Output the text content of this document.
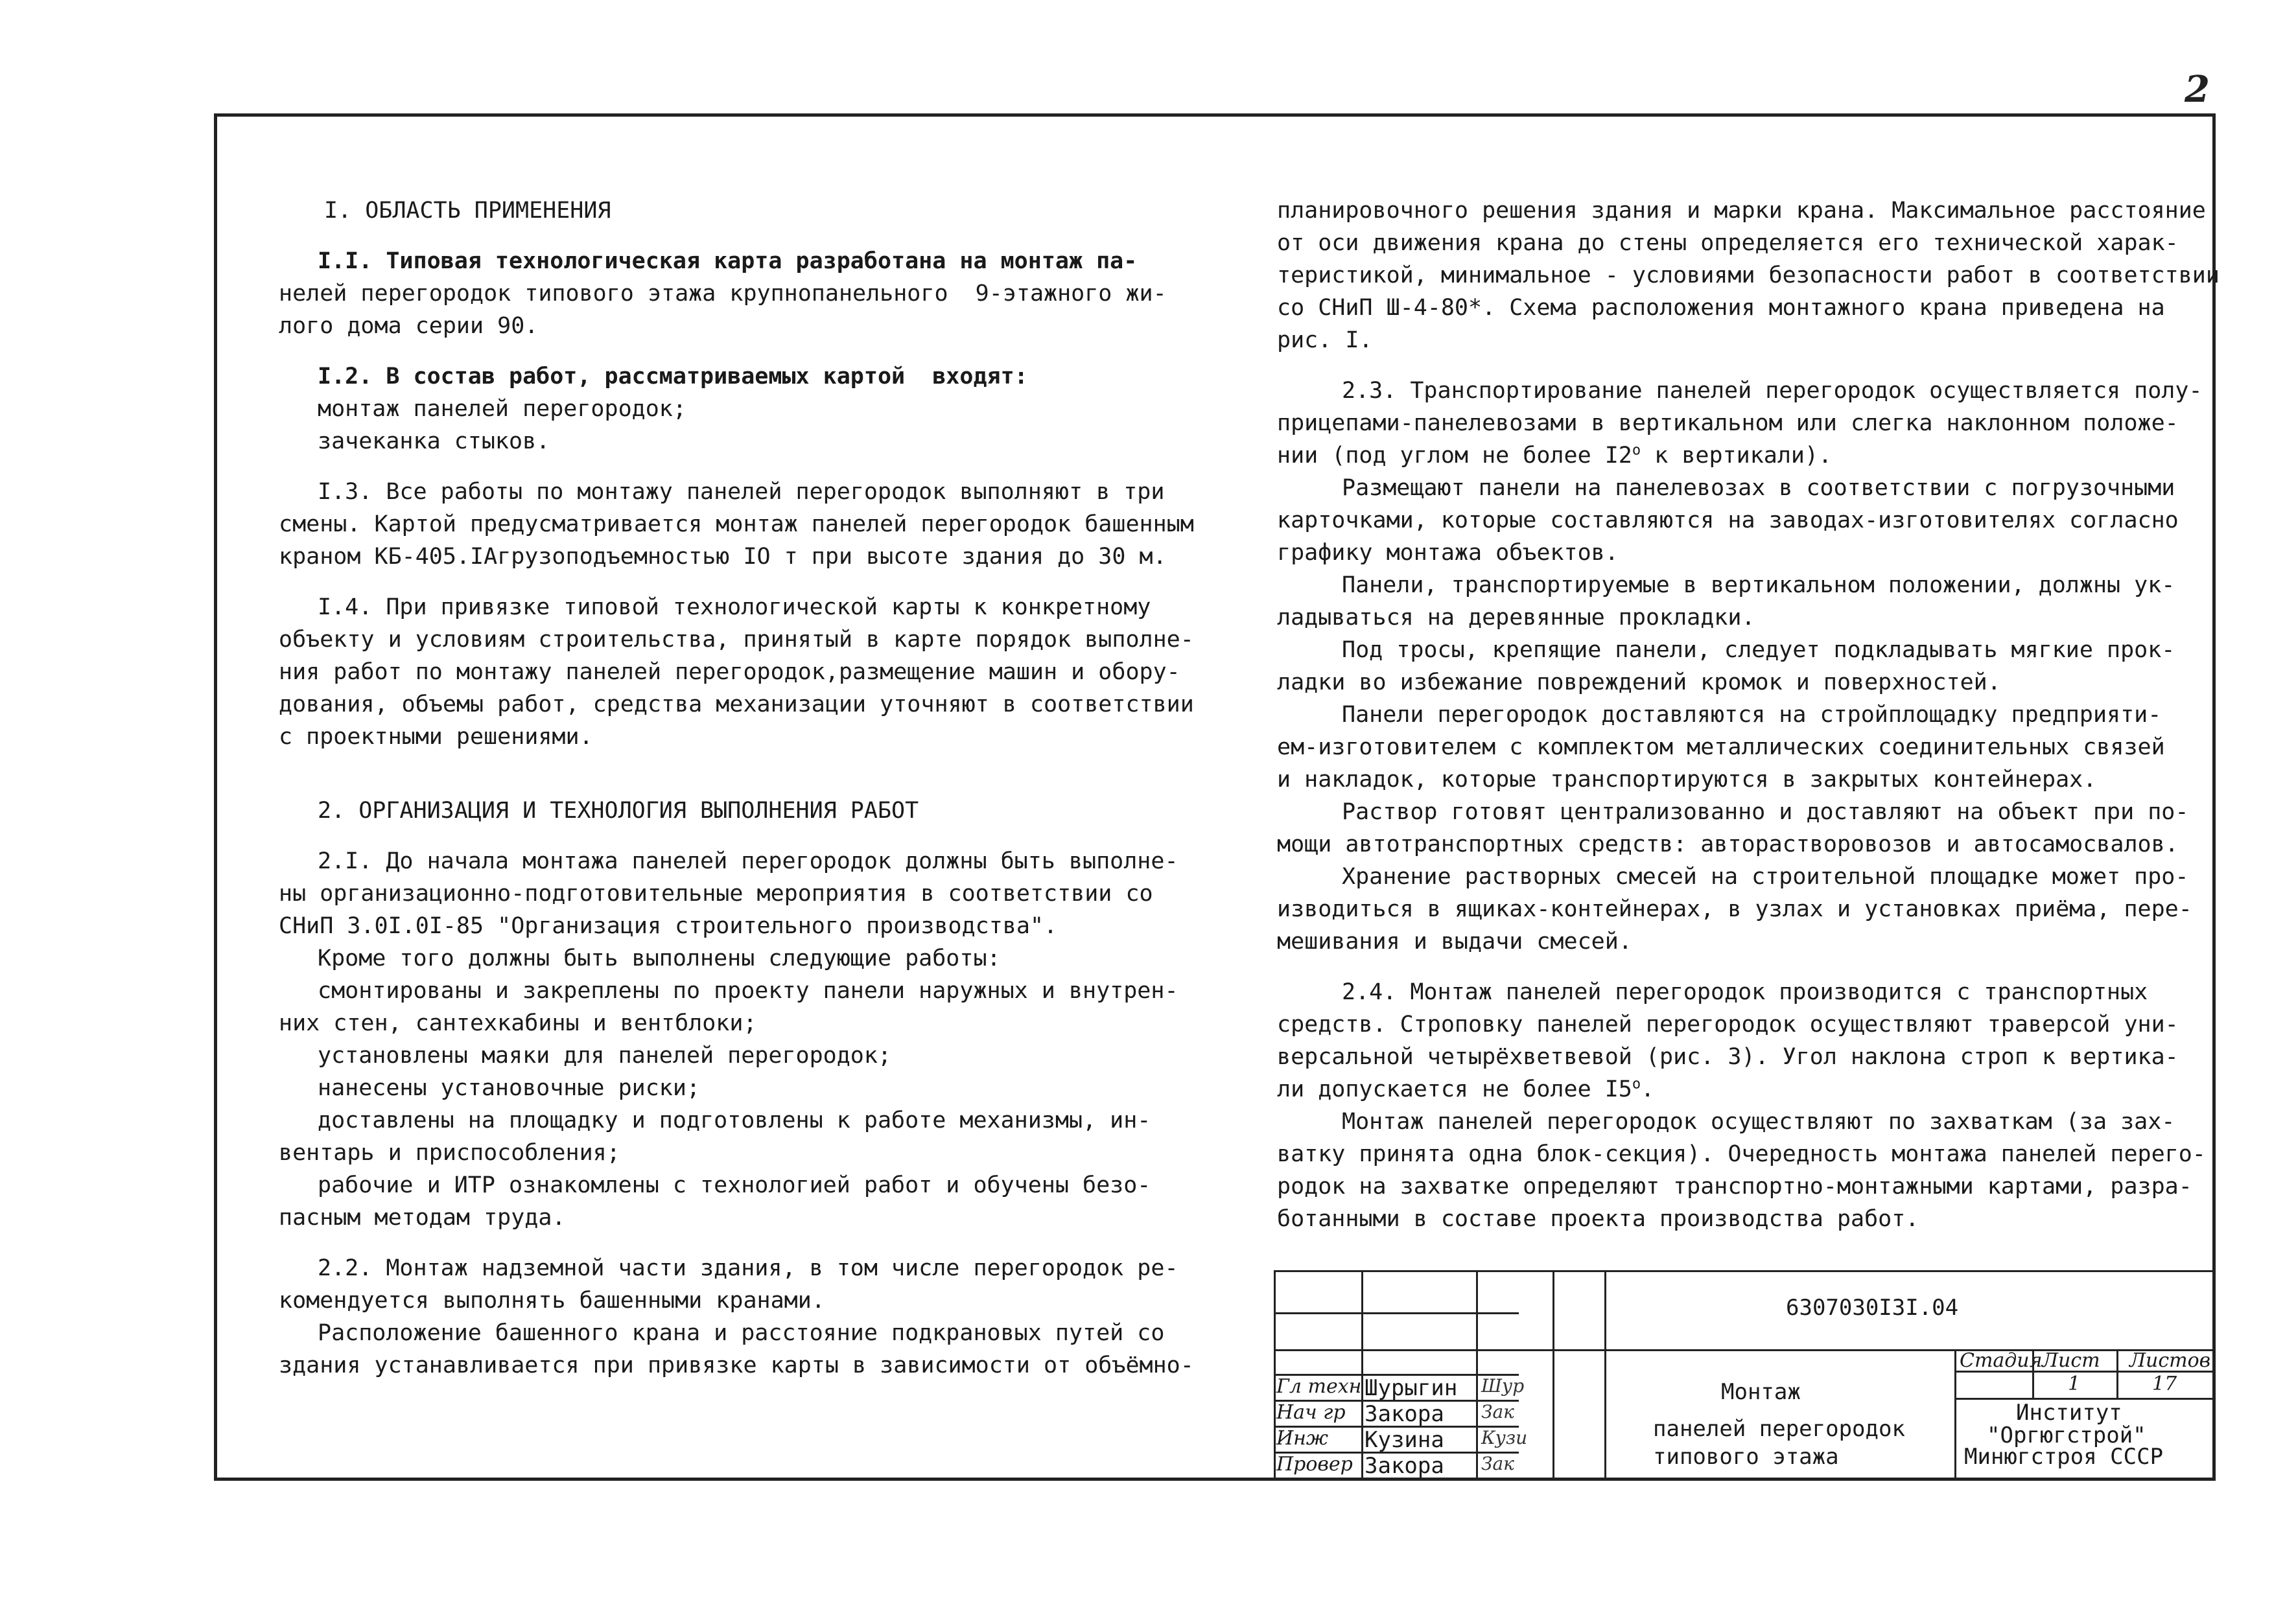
2

I. ОБЛАСТЬ ПРИМЕНЕНИЯ

I.I. Типовая технологическая карта разработана на монтаж па-
нелей перегородок типового этажа крупнопанельного  9-этажного жи-
лого дома серии 90.
I.2. В состав работ, рассматриваемых картой  входят:
монтаж панелей перегородок;
зачеканка стыков.
I.3. Все работы по монтажу панелей перегородок выполняют в три
смены. Картой предусматривается монтаж панелей перегородок башенным
краном КБ-405.IАгрузоподъемностью IO т при высоте здания до 30 м.
I.4. При привязке типовой технологической карты к конкретному
объекту и условиям строительства, принятый в карте порядок выполне-
ния работ по монтажу панелей перегородок,размещение машин и обору-
дования, объемы работ, средства механизации уточняют в соответствии
с проектными решениями.

2. ОРГАНИЗАЦИЯ И ТЕХНОЛОГИЯ ВЫПОЛНЕНИЯ РАБОТ

2.I. До начала монтажа панелей перегородок должны быть выполне-
ны организационно-подготовительные мероприятия в соответствии со
СНиП 3.0I.0I-85 "Организация строительного производства".
Кроме того должны быть выполнены следующие работы:
смонтированы и закреплены по проекту панели наружных и внутрен-
них стен, сантехкабины и вентблоки;
установлены маяки для панелей перегородок;
нанесены установочные риски;
доставлены на площадку и подготовлены к работе механизмы, ин-
вентарь и приспособления;
рабочие и ИТР ознакомлены с технологией работ и обучены безо-
пасным методам труда.
2.2. Монтаж надземной части здания, в том числе перегородок ре-
комендуется выполнять башенными кранами.
Расположение башенного крана и расстояние подкрановых путей со
здания устанавливается при привязке карты в зависимости от объёмно-
планировочного решения здания и марки крана. Максимальное расстояние
от оси движения крана до стены определяется его технической харак-
теристикой, минимальное - условиями безопасности работ в соответствии
со СНиП Ш-4-80*. Схема расположения монтажного крана приведена на
рис. I.
2.3. Транспортирование панелей перегородок осуществляется полу-
прицепами-панелевозами в вертикальном или слегка наклонном положе-
нии (под углом не более I2$^o$ к вертикали).
Размещают панели на панелевозах в соответствии с погрузочными
карточками, которые составляются на заводах-изготовителях согласно
графику монтажа объектов.
Панели, транспортируемые в вертикальном положении, должны ук-
ладываться на деревянные прокладки.
Под тросы, крепящие панели, следует подкладывать мягкие прок-
ладки во избежание повреждений кромок и поверхностей.
Панели перегородок доставляются на стройплощадку предприяти-
ем-изготовителем с комплектом металлических соединительных связей
и накладок, которые транспортируются в закрытых контейнерах.
Раствор готовят централизованно и доставляют на объект при по-
мощи автотранспортных средств: авторастворовозов и автосамосвалов.
Хранение растворных смесей на строительной площадке может про-
изводиться в ящиках-контейнерах, в узлах и установках приёма, пере-
мешивания и выдачи смесей.
2.4. Монтаж панелей перегородок производится с транспортных
средств. Строповку панелей перегородок осуществляют траверсой уни-
версальной четырёхветвевой (рис. 3). Угол наклона строп к вертика-
ли допускается не более I5$^o$.
Монтаж панелей перегородок осуществляют по захваткам (за зах-
ватку принята одна блок-секция). Очередность монтажа панелей перего-
родок на захватке определяют транспортно-монтажными картами, разра-
ботанными в составе проекта производства работ.
6307030I3I.04
Стадия Лист Листов
1	17
Монтаж
панелей перегородок
типового этажа
Институт
"Оргюгстрой"
Минюгстроя СССР
Гл техн
Нач гр
Инж
Провер
Шурыгин
Закора
Кузина
Закора
Шур
Зак
Кузи
Зак
